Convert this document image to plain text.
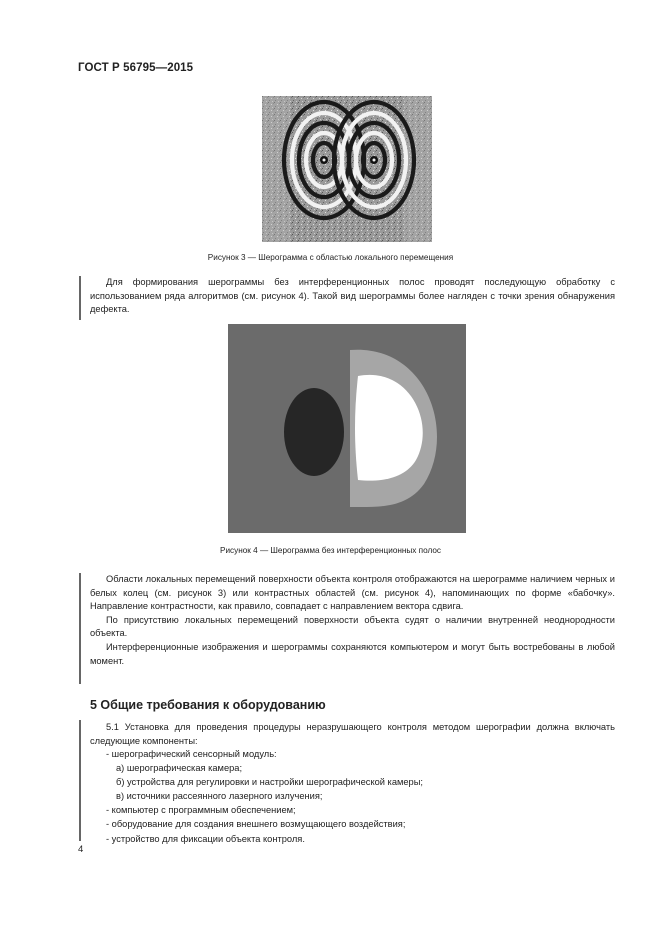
ГОСТ Р 56795—2015
Рисунок 3 — Шерограмма с областью локального перемещения

Для формирования шерограммы без интерференционных полос проводят последующую обработку с использованием ряда алгоритмов (см. рисунок 4). Такой вид шерограммы более нагляден с точки зрения обнаружения дефекта.

Рисунок 4 — Шерограмма без интерференционных полос

Области локальных перемещений поверхности объекта контроля отображаются на шерограмме наличием черных и белых колец (см. рисунок 3) или контрастных областей (см. рисунок 4), напоминающих по форме «бабочку». Направление контрастности, как правило, совпадает с направлением вектора сдвига.

По присутствию локальных перемещений поверхности объекта судят о наличии внутренней неоднородности объекта.

Интерференционные изображения и шерограммы сохраняются компьютером и могут быть востребованы в любой момент.

5 Общие требования к оборудованию

5.1 Установка для проведения процедуры неразрушающего контроля методом шерографии должна включать следующие компоненты:

- шерографический сенсорный модуль:
а) шерографическая камера;
б) устройства для регулировки и настройки шерографической камеры;
в) источники рассеянного лазерного излучения;
- компьютер с программным обеспечением;
- оборудование для создания внешнего возмущающего воздействия;
- устройство для фиксации объекта контроля.
4
